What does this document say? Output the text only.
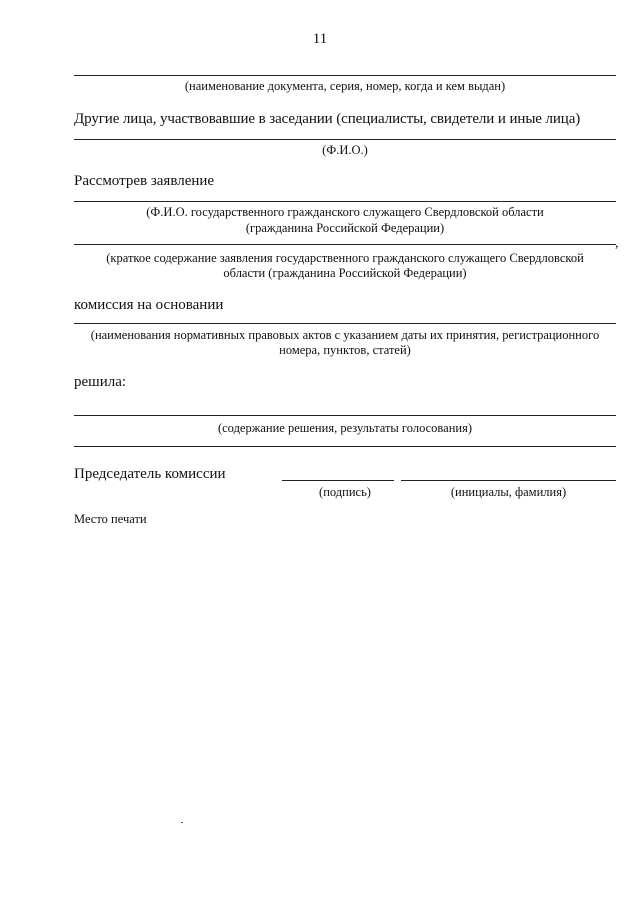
11
(наименование документа, серия, номер, когда и кем выдан)
Другие лица, участвовавшие в заседании (специалисты, свидетели и иные лица)
(Ф.И.О.)
Рассмотрев заявление
(Ф.И.О. государственного гражданского служащего Свердловской области
(гражданина Российской Федерации)
,
(краткое содержание заявления государственного гражданского служащего Свердловской
области (гражданина Российской Федерации)
комиссия на основании
(наименования нормативных правовых актов с указанием даты их принятия, регистрационного
номера, пунктов, статей)
решила:
(содержание решения, результаты голосования)
Председатель комиссии
(подпись)	(инициалы, фамилия)
Место печати
